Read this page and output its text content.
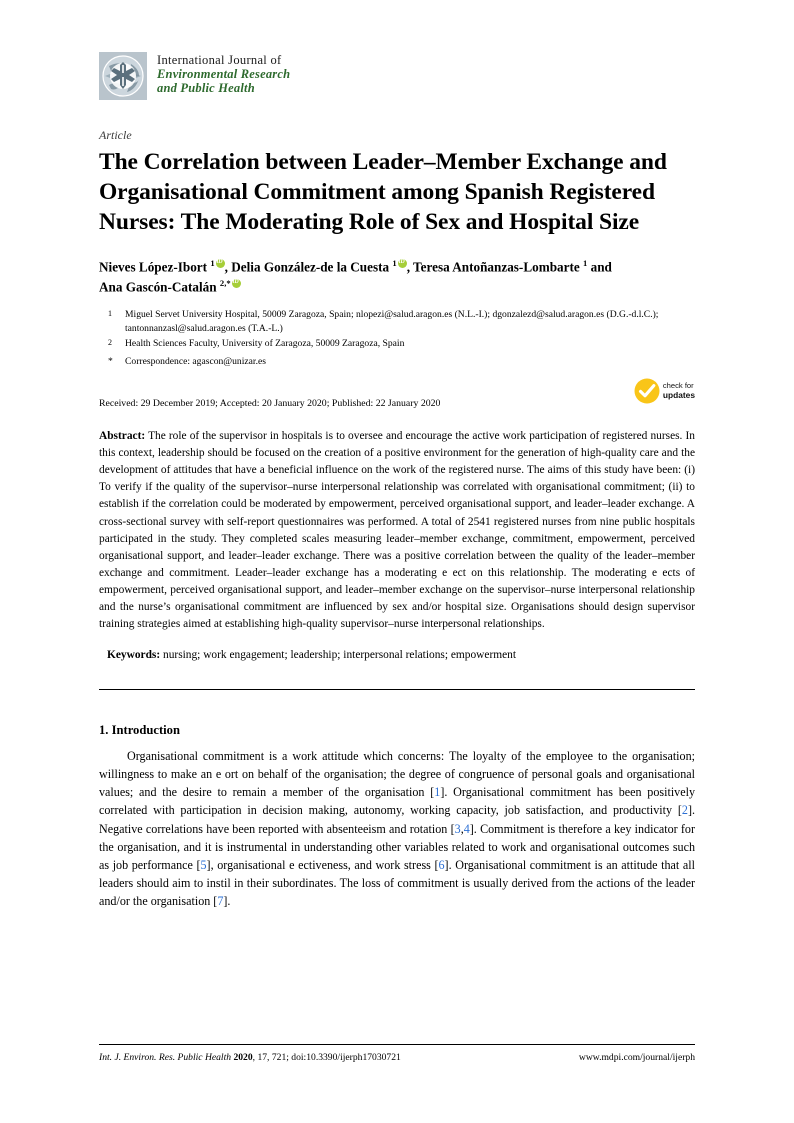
International Journal of
Environmental Research
and Public Health
Article
The Correlation between Leader–Member Exchange and Organisational Commitment among Spanish Registered Nurses: The Moderating Role of Sex and Hospital Size
Nieves López-Ibort $^1$ iD , Delia González-de la Cuesta $^1$ iD , Teresa Antoñanzas-Lombarte $^1$ and
Ana Gascón-Catalán $^{2,*}$iD
$^1$	Miguel Servet University Hospital, 50009 Zaragoza, Spain; nlopezi@salud.aragon.es (N.L.-I.); dgonzalezd@salud.aragon.es (D.G.-d.l.C.); tantonnanzasl@salud.aragon.es (T.A.-L.)
$^2$	Health Sciences Faculty, University of Zaragoza, 50009 Zaragoza, Spain
*	Correspondence: agascon@unizar.es
Received: 29 December 2019; Accepted: 20 January 2020; Published: 22 January 2020
check for
updates
Abstract: The role of the supervisor in hospitals is to oversee and encourage the active work participation of registered nurses. In this context, leadership should be focused on the creation of a positive environment for the generation of high-quality care and the development of attitudes that have a beneficial influence on the work of the registered nurse. The aims of this study have been: (i) To verify if the quality of the supervisor–nurse interpersonal relationship was correlated with organisational commitment; (ii) to establish if the correlation could be moderated by empowerment, perceived organisational support, and leader–leader exchange. A cross-sectional survey with self-report questionnaires was performed. A total of 2541 registered nurses from nine public hospitals participated in the study. They completed scales measuring leader–member exchange, commitment, empowerment, perceived organisational support, and leader–leader exchange. There was a positive correlation between the quality of the leader–member exchange and commitment. Leader–leader exchange has a moderating e ect on this relationship. The moderating e ects of empowerment, perceived organisational support, and leader–member exchange on the supervisor–nurse interpersonal relationship and the nurse’s organisational commitment are influenced by sex and/or hospital size. Organisations should design supervisor training strategies aimed at establishing high-quality supervisor–nurse interpersonal relationships.
Keywords: nursing; work engagement; leadership; interpersonal relations; empowerment
1. Introduction
Organisational commitment is a work attitude which concerns: The loyalty of the employee to the organisation; willingness to make an e ort on behalf of the organisation; the degree of congruence of personal goals and organisational values; and the desire to remain a member of the organisation [1]. Organisational commitment has been positively correlated with participation in decision making, autonomy, working capacity, job satisfaction, and productivity [2]. Negative correlations have been reported with absenteeism and rotation [3,4]. Commitment is therefore a key indicator for the organisation, and it is instrumental in understanding other variables related to work and organisational outcomes such as job performance [5], organisational e ectiveness, and work stress [6]. Organisational commitment is an attitude that all leaders should aim to instil in their subordinates. The loss of commitment is usually derived from the actions of the leader and/or the organisation [7].
Int. J. Environ. Res. Public Health 2020, 17, 721; doi:10.3390/ijerph17030721	www.mdpi.com/journal/ijerph
